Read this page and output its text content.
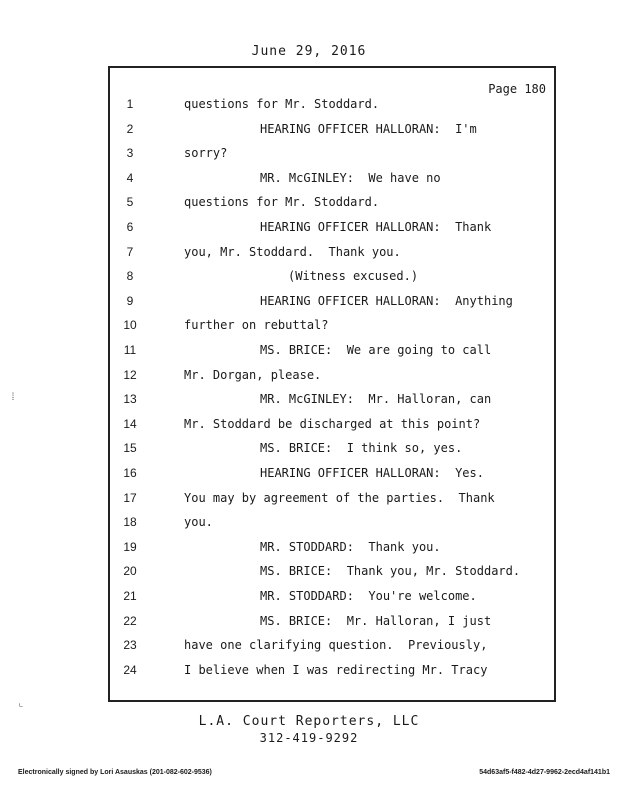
June 29, 2016
Page 180
1	questions for Mr. Stoddard.
2	HEARING OFFICER HALLORAN:  I'm
3	sorry?
4	MR. McGINLEY:  We have no
5	questions for Mr. Stoddard.
6	HEARING OFFICER HALLORAN:  Thank
7	you, Mr. Stoddard.  Thank you.
8	(Witness excused.)
9	HEARING OFFICER HALLORAN:  Anything
10	further on rebuttal?
11	MS. BRICE:  We are going to call
12	Mr. Dorgan, please.
13	MR. McGINLEY:  Mr. Halloran, can
14	Mr. Stoddard be discharged at this point?
15	MS. BRICE:  I think so, yes.
16	HEARING OFFICER HALLORAN:  Yes.
17	You may by agreement of the parties.  Thank
18	you.
19	MR. STODDARD:  Thank you.
20	MS. BRICE:  Thank you, Mr. Stoddard.
21	MR. STODDARD:  You're welcome.
22	MS. BRICE:  Mr. Halloran, I just
23	have one clarifying question.  Previously,
24	I believe when I was redirecting Mr. Tracy
L.A. Court Reporters, LLC
312-419-9292
Electronically signed by Lori Asauskas (201-082-602-9536)	54d63af5-f482-4d27-9962-2ecd4af141b1
⁞
⌞
